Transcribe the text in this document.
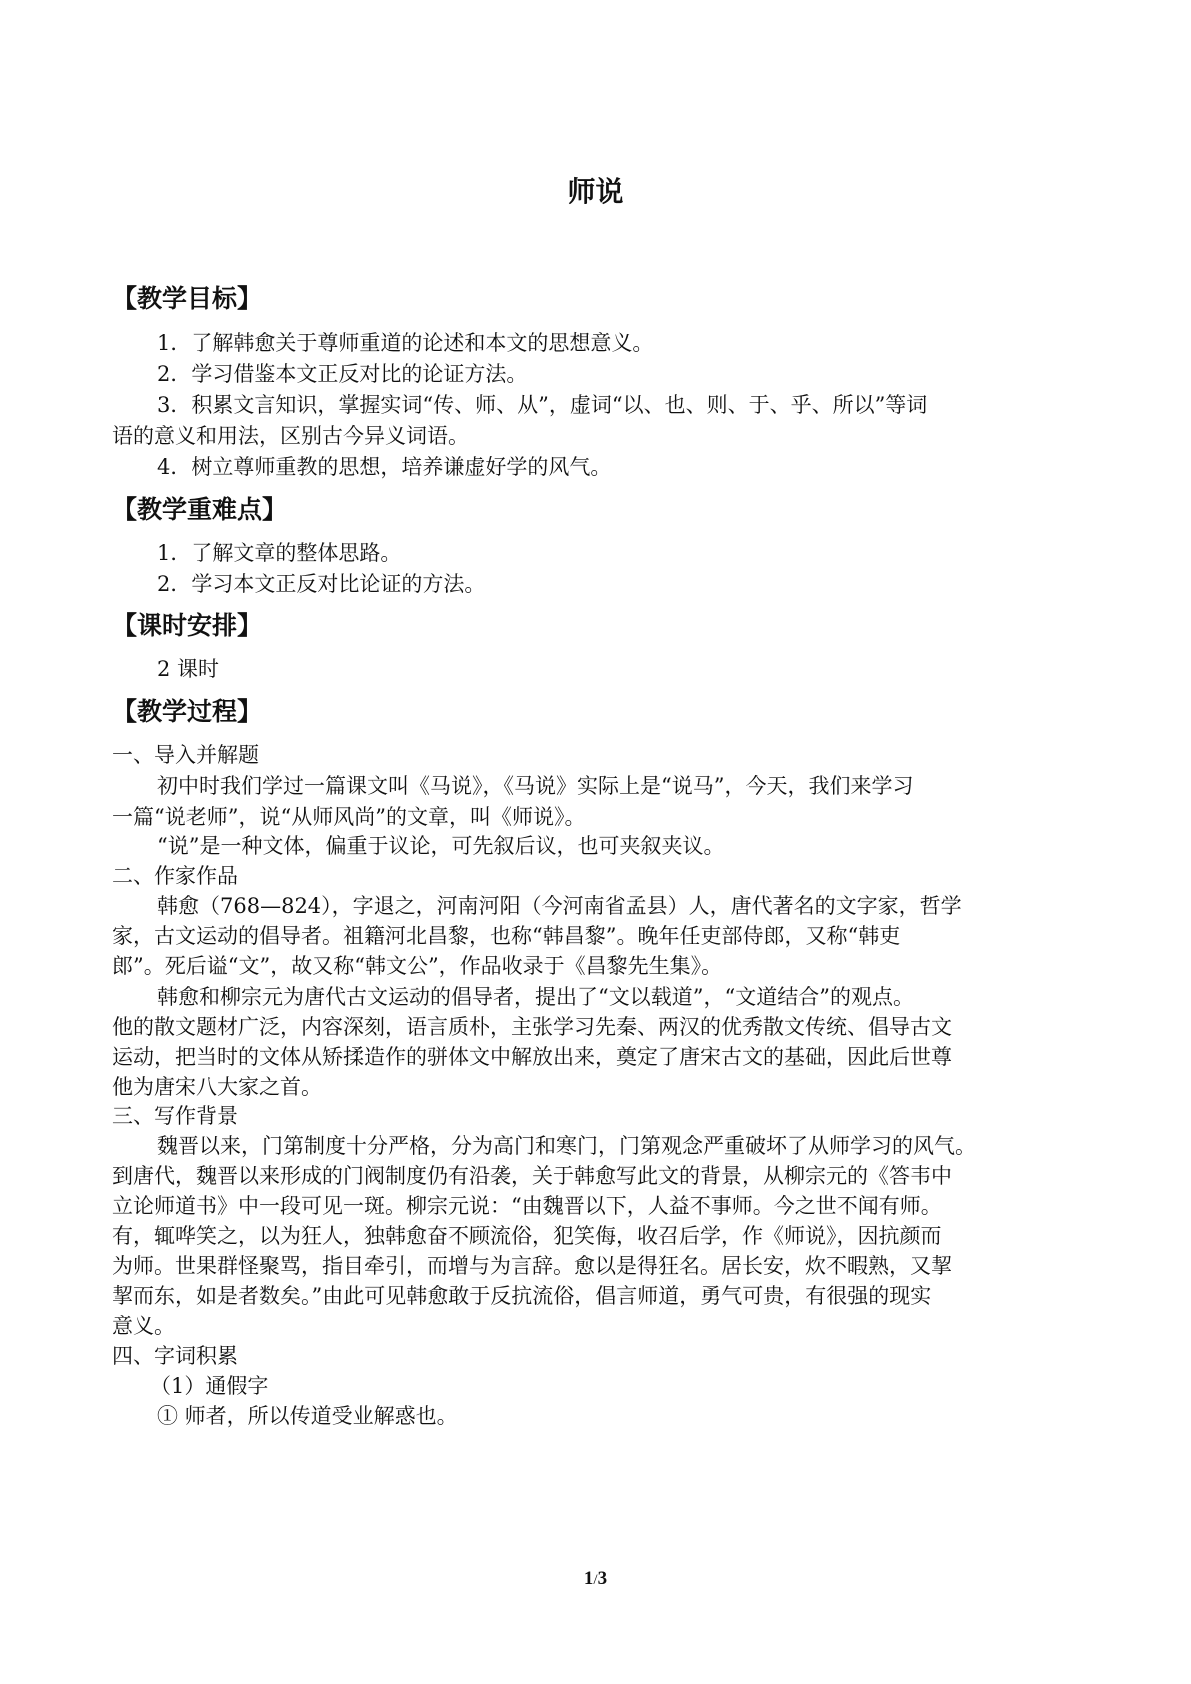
师说
【教学目标】
1．了解韩愈关于尊师重道的论述和本文的思想意义。
2．学习借鉴本文正反对比的论证方法。
3．积累文言知识，掌握实词“传、师、从”，虚词“以、也、则、于、乎、所以”等词
语的意义和用法，区别古今异义词语。
4．树立尊师重教的思想，培养谦虚好学的风气。
【教学重难点】
1．了解文章的整体思路。
2．学习本文正反对比论证的方法。
【课时安排】
2 课时
【教学过程】
一、导入并解题
初中时我们学过一篇课文叫《马说》，《马说》实际上是“说马”，今天，我们来学习
一篇“说老师”，说“从师风尚”的文章，叫《师说》。
“说”是一种文体，偏重于议论，可先叙后议，也可夹叙夹议。
二、作家作品
韩愈（768—824），字退之，河南河阳（今河南省孟县）人，唐代著名的文字家，哲学
家，古文运动的倡导者。祖籍河北昌黎，也称“韩昌黎”。晚年任吏部侍郎，又称“韩吏
郎”。死后谥“文”，故又称“韩文公”，作品收录于《昌黎先生集》。
韩愈和柳宗元为唐代古文运动的倡导者，提出了“文以载道”，“文道结合”的观点。
他的散文题材广泛，内容深刻，语言质朴，主张学习先秦、两汉的优秀散文传统、倡导古文
运动，把当时的文体从矫揉造作的骈体文中解放出来，奠定了唐宋古文的基础，因此后世尊
他为唐宋八大家之首。
三、写作背景
魏晋以来，门第制度十分严格，分为高门和寒门，门第观念严重破坏了从师学习的风气。
到唐代，魏晋以来形成的门阀制度仍有沿袭，关于韩愈写此文的背景，从柳宗元的《答韦中
立论师道书》中一段可见一斑。柳宗元说：“由魏晋以下，人益不事师。今之世不闻有师。
有，辄哗笑之，以为狂人，独韩愈奋不顾流俗，犯笑侮，收召后学，作《师说》，因抗颜而
为师。世果群怪聚骂，指目牵引，而增与为言辞。愈以是得狂名。居长安，炊不暇熟，又挈
挈而东，如是者数矣。”由此可见韩愈敢于反抗流俗，倡言师道，勇气可贵，有很强的现实
意义。
四、字词积累
（1）通假字
① 师者，所以传道受业解惑也。
1/3
